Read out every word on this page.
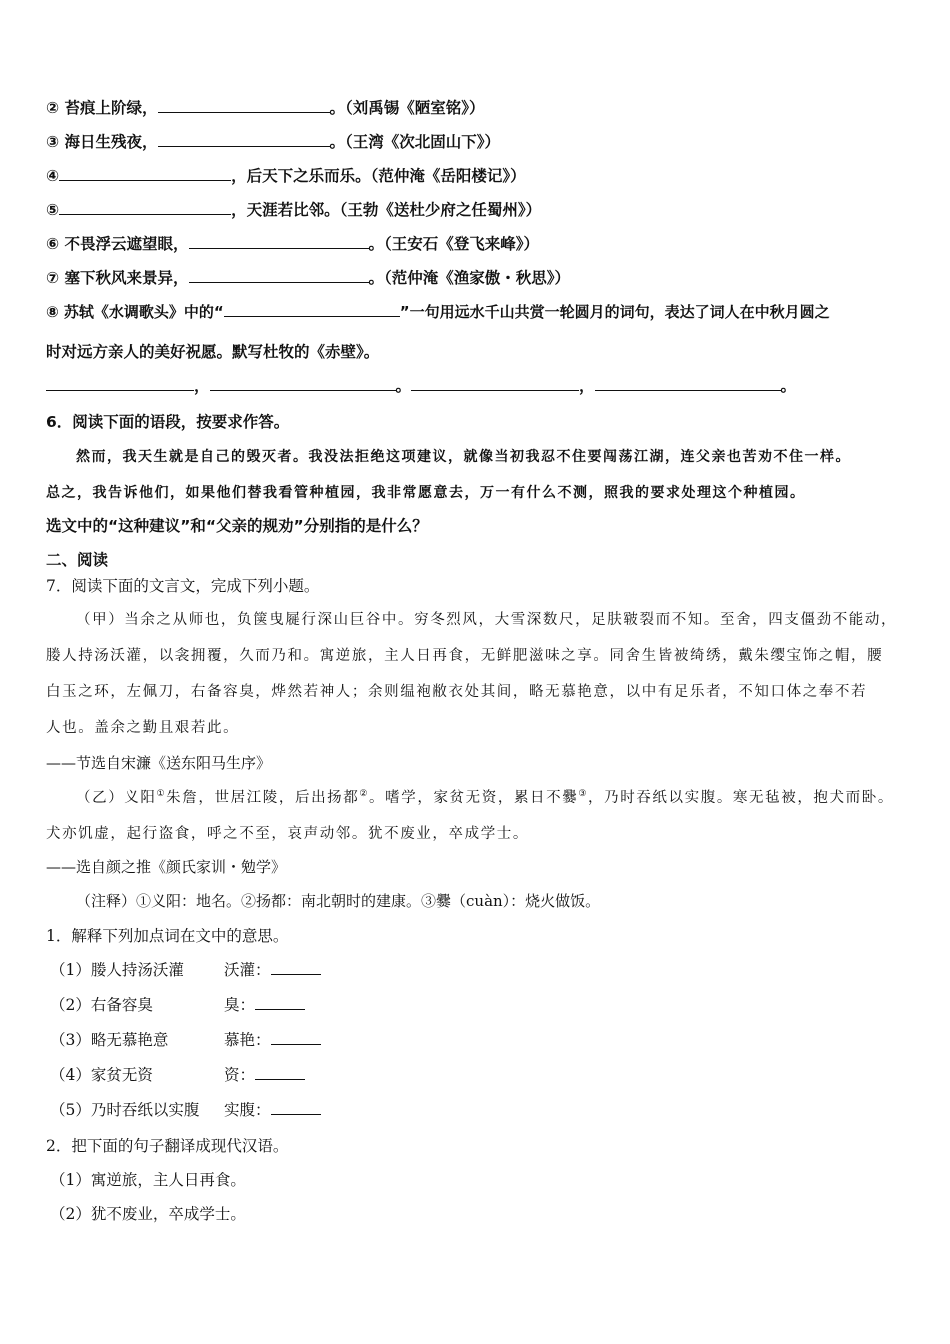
② 苔痕上阶绿，	。（刘禹锡《陋室铭》）
③ 海日生残夜，	。（王湾《次北固山下》）
④	，后天下之乐而乐。（范仲淹《岳阳楼记》）
⑤	，天涯若比邻。（王勃《送杜少府之任蜀州》）
⑥ 不畏浮云遮望眼，	。（王安石《登飞来峰》）
⑦ 塞下秋风来景异，	。（范仲淹《渔家傲・秋思》）
⑧ 苏轼《水调歌头》中的“	”一句用远水千山共赏一轮圆月的词句，表达了词人在中秋月圆之
时对远方亲人的美好祝愿。默写杜牧的《赤壁》。
，	。	，	。
6．阅读下面的语段，按要求作答。
然而，我天生就是自己的毁灭者。我没法拒绝这项建议，就像当初我忍不住要闯荡江湖，连父亲也苦劝不住一样。
总之，我告诉他们，如果他们替我看管种植园，我非常愿意去，万一有什么不测，照我的要求处理这个种植园。
选文中的“这种建议”和“父亲的规劝”分别指的是什么？
二、阅读
7．阅读下面的文言文，完成下列小题。
（甲）当余之从师也，负箧曳屣行深山巨谷中。穷冬烈风，大雪深数尺，足肤皲裂而不知。至舍，四支僵劲不能动，
媵人持汤沃灌，以衾拥覆，久而乃和。寓逆旅，主人日再食，无鲜肥滋味之享。同舍生皆被绮绣，戴朱缨宝饰之帽，腰
白玉之环，左佩刀，右备容臭，烨然若神人；余则缊袍敝衣处其间，略无慕艳意，以中有足乐者，不知口体之奉不若
人也。盖余之勤且艰若此。
——节选自宋濂《送东阳马生序》
（乙）义阳①朱詹，世居江陵，后出扬都②。嗜学，家贫无资，累日不爨③，乃时吞纸以实腹。寒无毡被，抱犬而卧。
犬亦饥虚，起行盗食，呼之不至，哀声动邻。犹不废业，卒成学士。
——选自颜之推《颜氏家训・勉学》
（注释）①义阳：地名。②扬都：南北朝时的建康。③爨（cuàn）：烧火做饭。
1．解释下列加点词在文中的意思。
（1）媵人持汤沃灌	沃灌：
（2）右备容臭	臭：
（3）略无慕艳意	慕艳：
（4）家贫无资	资：
（5）乃时吞纸以实腹	实腹：
2．把下面的句子翻译成现代汉语。
（1）寓逆旅，主人日再食。
（2）犹不废业，卒成学士。
